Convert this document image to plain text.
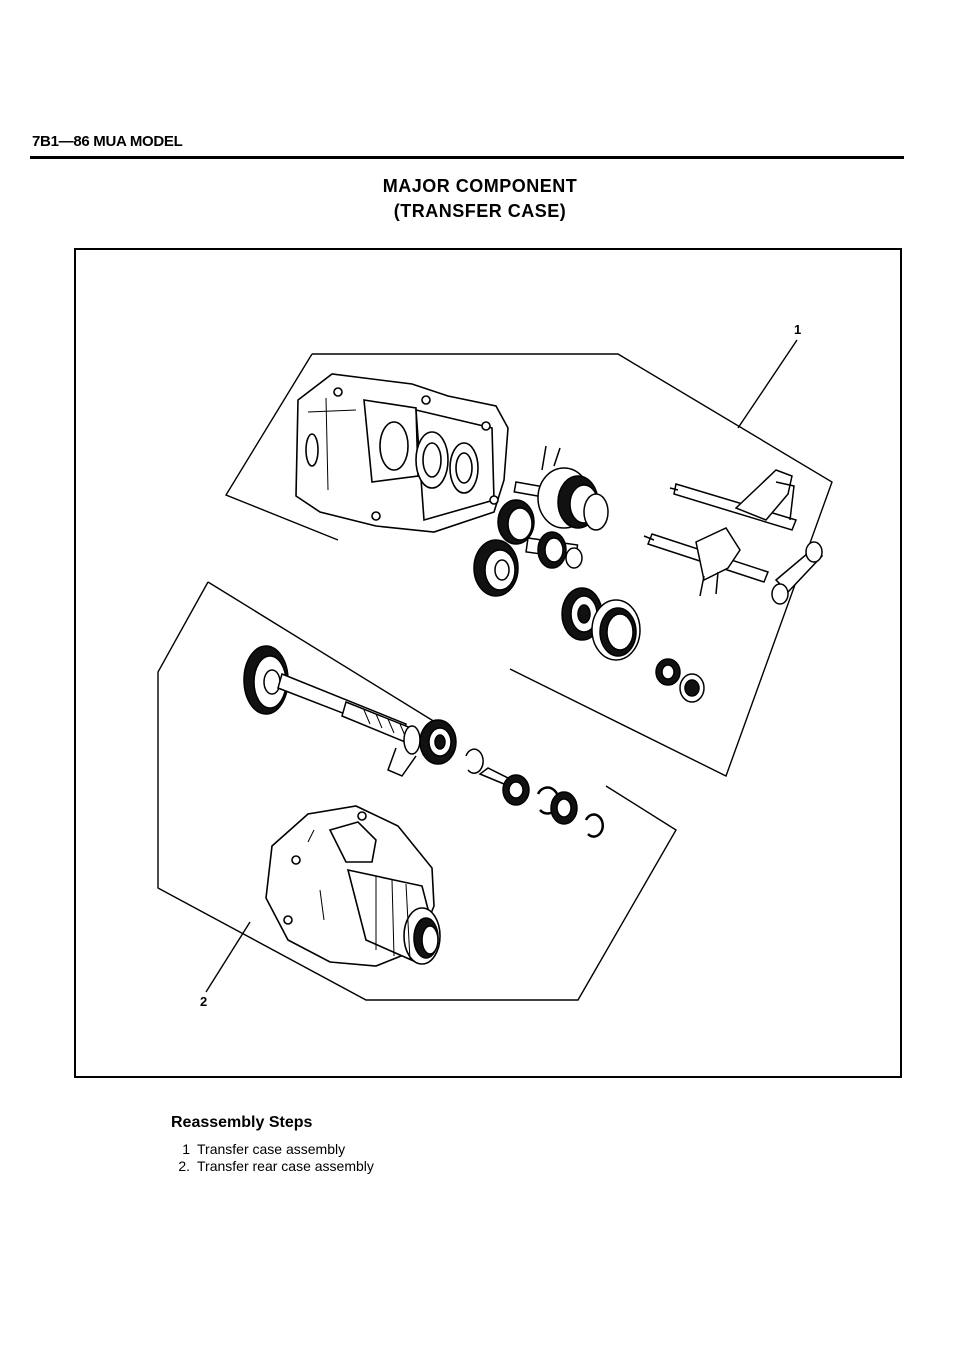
7B1—86 MUA MODEL
MAJOR COMPONENT
(TRANSFER CASE)
1
2
Reassembly Steps
1 Transfer case assembly
2. Transfer rear case assembly
